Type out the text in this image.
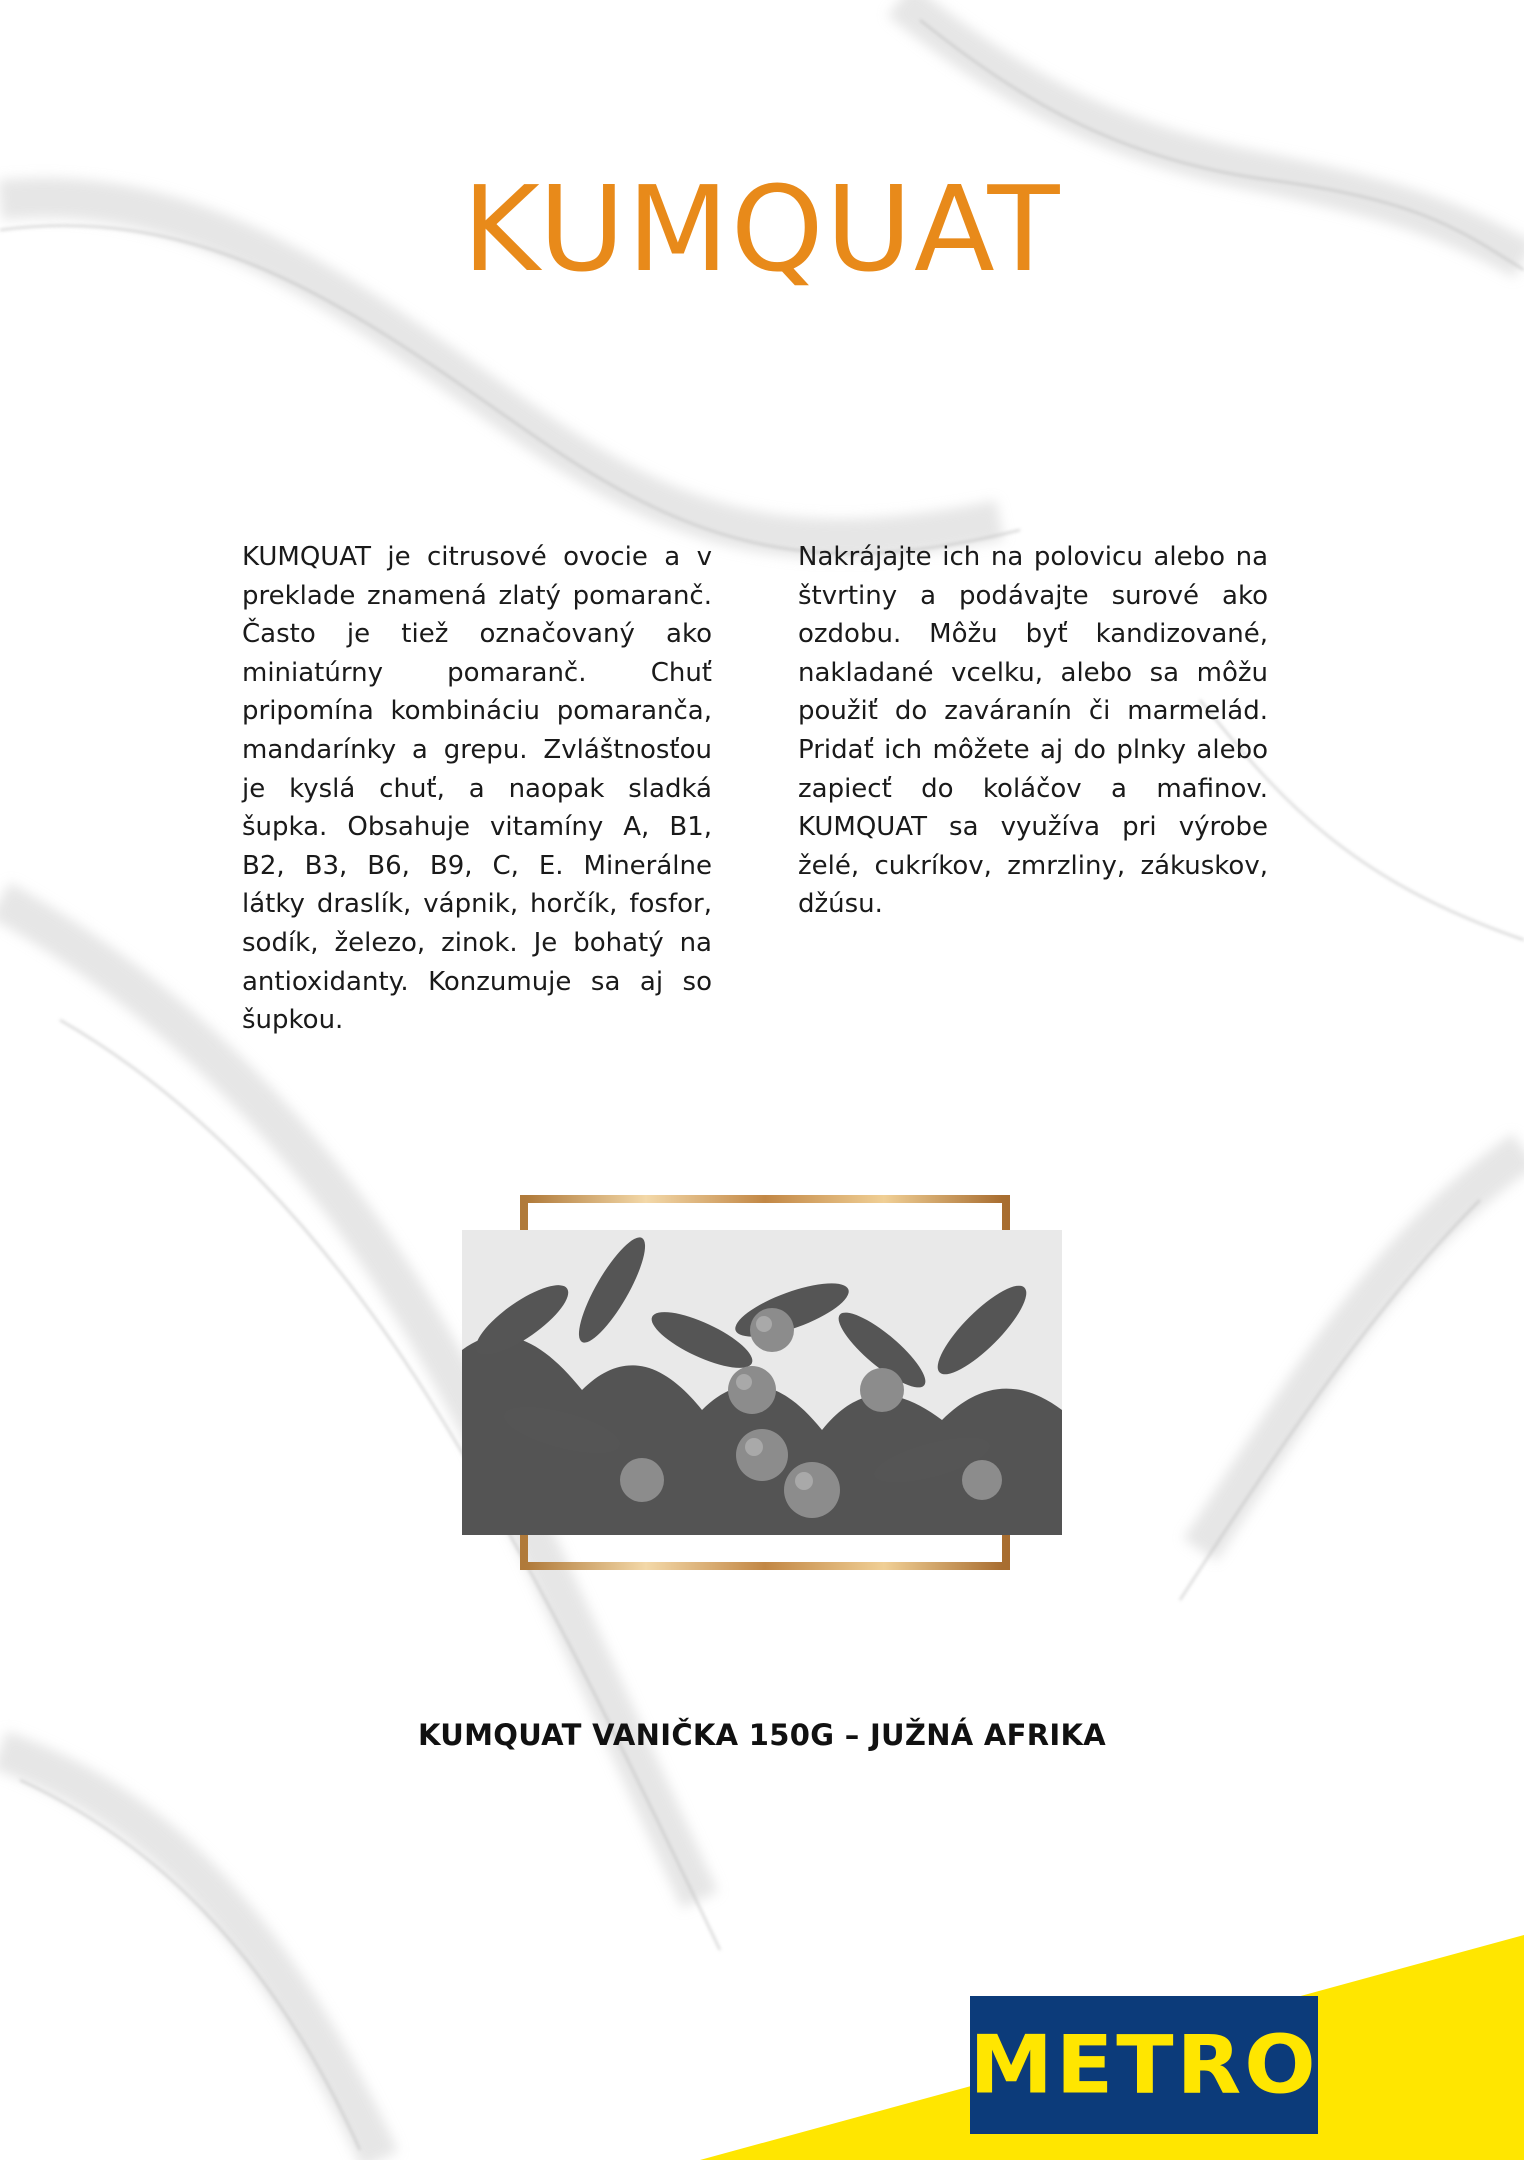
KUMQUAT
KUMQUAT je citrusové ovocie a v preklade znamená zlatý pomaranč. Často je tiež označovaný ako miniatúrny pomaranč. Chuť pripomína kombináciu pomaranča, mandarínky a grepu. Zvláštnosťou je kyslá chuť, a naopak sladká šupka. Obsahuje vitamíny A, B1, B2, B3, B6, B9, C, E. Minerálne látky draslík, vápnik, horčík, fosfor, sodík, železo, zinok. Je bohatý na antioxidanty. Konzumuje sa aj so šupkou.
Nakrájajte ich na polovicu alebo na štvrtiny a podávajte surové ako ozdobu. Môžu byť kandizované, nakladané vcelku, alebo sa môžu použiť do zaváranín či marmelád. Pridať ich môžete aj do plnky alebo zapiecť do koláčov a mafinov. KUMQUAT sa využíva pri výrobe želé, cukríkov, zmrzliny, zákuskov, džúsu.
KUMQUAT VANIČKA 150G – JUŽNÁ AFRIKA
METRO
